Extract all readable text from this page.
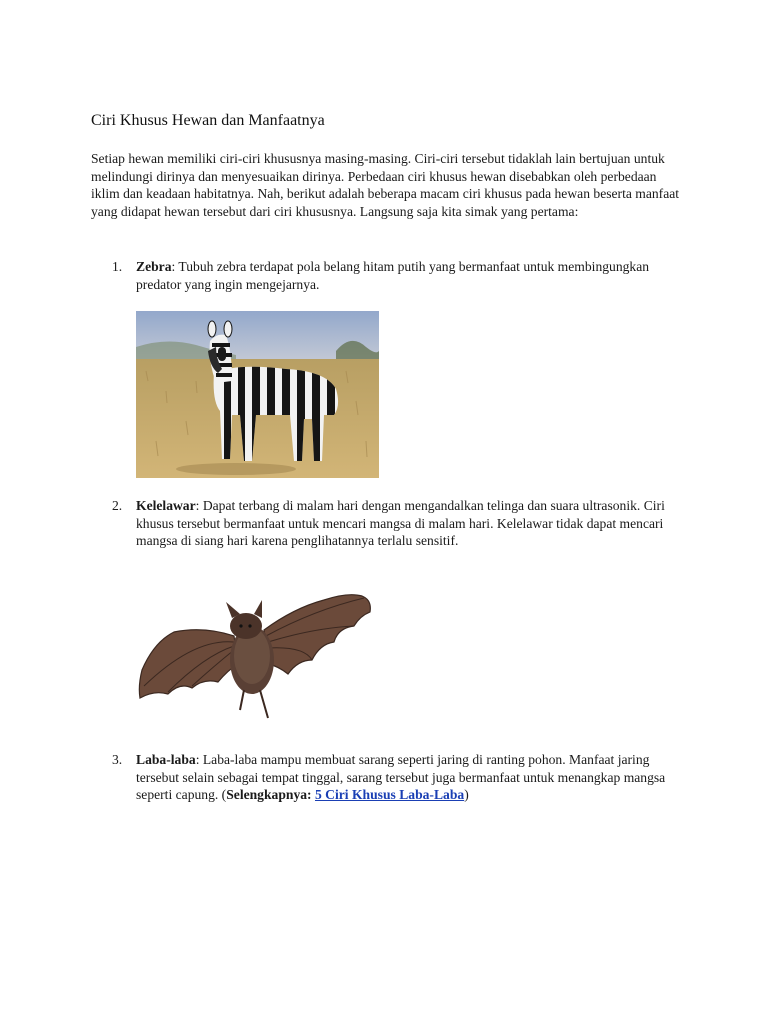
Ciri Khusus Hewan dan Manfaatnya

Setiap hewan memiliki ciri-ciri khususnya masing-masing. Ciri-ciri tersebut tidaklah lain bertujuan untuk melindungi dirinya dan menyesuaikan dirinya. Perbedaan ciri khusus hewan disebabkan oleh perbedaan iklim dan keadaan habitatnya. Nah, berikut adalah beberapa macam ciri khusus pada hewan beserta manfaat yang didapat hewan tersebut dari ciri khususnya. Langsung saja kita simak yang pertama:

1. Zebra: Tubuh zebra terdapat pola belang hitam putih yang bermanfaat untuk membingungkan predator yang ingin mengejarnya.
2. Kelelawar: Dapat terbang di malam hari dengan mengandalkan telinga dan suara ultrasonik. Ciri khusus tersebut bermanfaat untuk mencari mangsa di malam hari. Kelelawar tidak dapat mencari mangsa di siang hari karena penglihatannya terlalu sensitif.
3. Laba-laba: Laba-laba mampu membuat sarang seperti jaring di ranting pohon. Manfaat jaring tersebut selain sebagai tempat tinggal, sarang tersebut juga bermanfaat untuk menangkap mangsa seperti capung. (Selengkapnya: 5 Ciri Khusus Laba-Laba)
